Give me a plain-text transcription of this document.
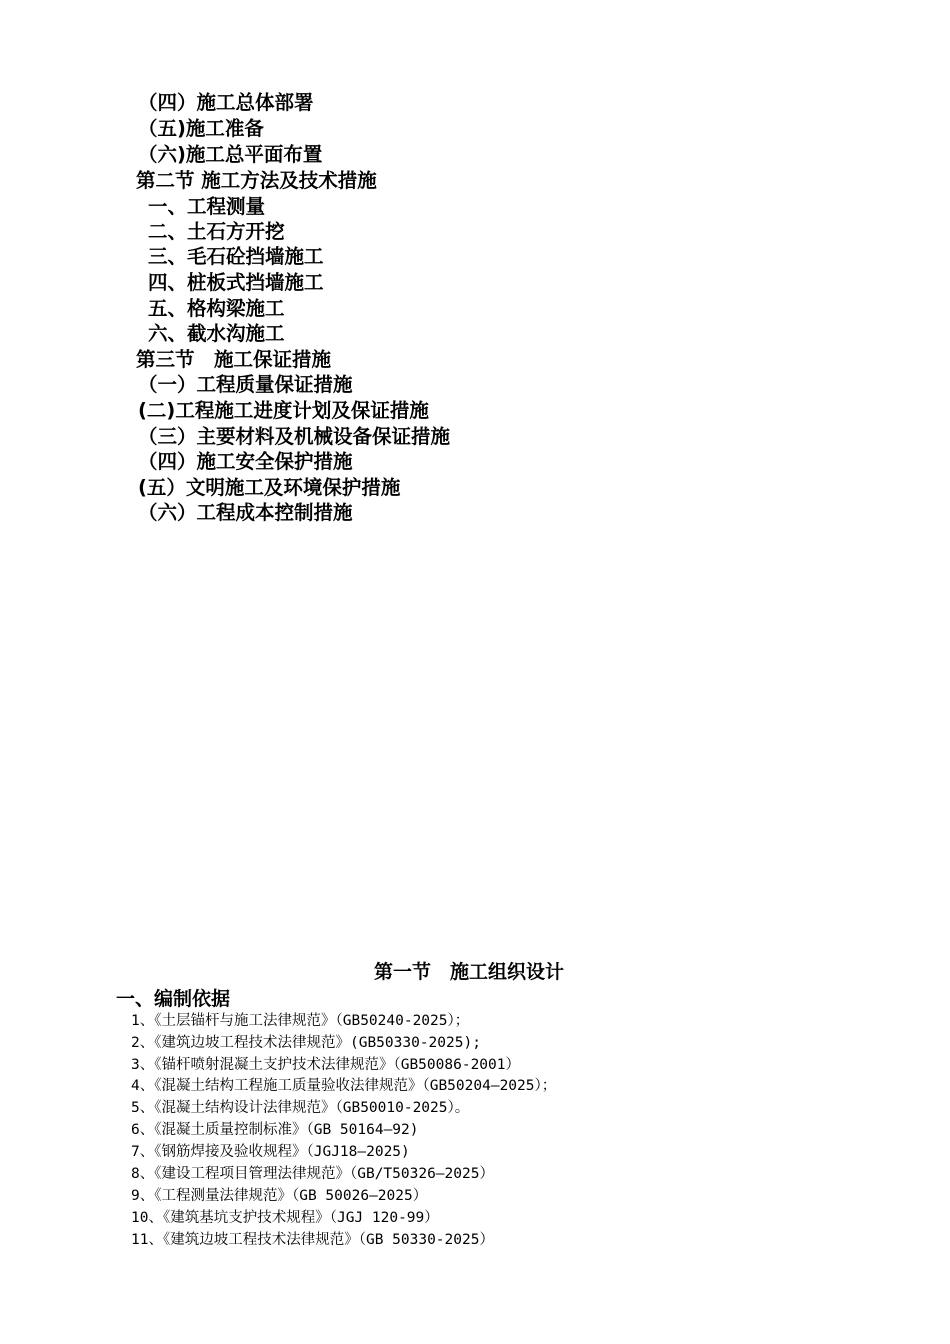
（四）施工总体部署
（五)施工准备
（六)施工总平面布置
第二节 施工方法及技术措施
一、工程测量
二、土石方开挖
三、毛石砼挡墙施工
四、桩板式挡墙施工
五、格构梁施工
六、截水沟施工
第三节　施工保证措施
（一）工程质量保证措施
(二)工程施工进度计划及保证措施
（三）主要材料及机械设备保证措施
（四）施工安全保护措施
(五）文明施工及环境保护措施
（六）工程成本控制措施
第一节　施工组织设计
一、编制依据
1、《土层锚杆与施工法律规范》（GB50240-2025）；
2、《建筑边坡工程技术法律规范》(GB50330-2025);
3、《锚杆喷射混凝土支护技术法律规范》（GB50086-2001）
4、《混凝土结构工程施工质量验收法律规范》（GB50204—2025）；
5、《混凝土结构设计法律规范》（GB50010-2025）。
6、《混凝土质量控制标准》（GB 50164—92)
7、《钢筋焊接及验收规程》（JGJ18—2025)
8、《建设工程项目管理法律规范》（GB/T50326—2025）
9、《工程测量法律规范》（GB 50026—2025）
10、《建筑基坑支护技术规程》（JGJ 120-99）
11、《建筑边坡工程技术法律规范》（GB 50330-2025）
